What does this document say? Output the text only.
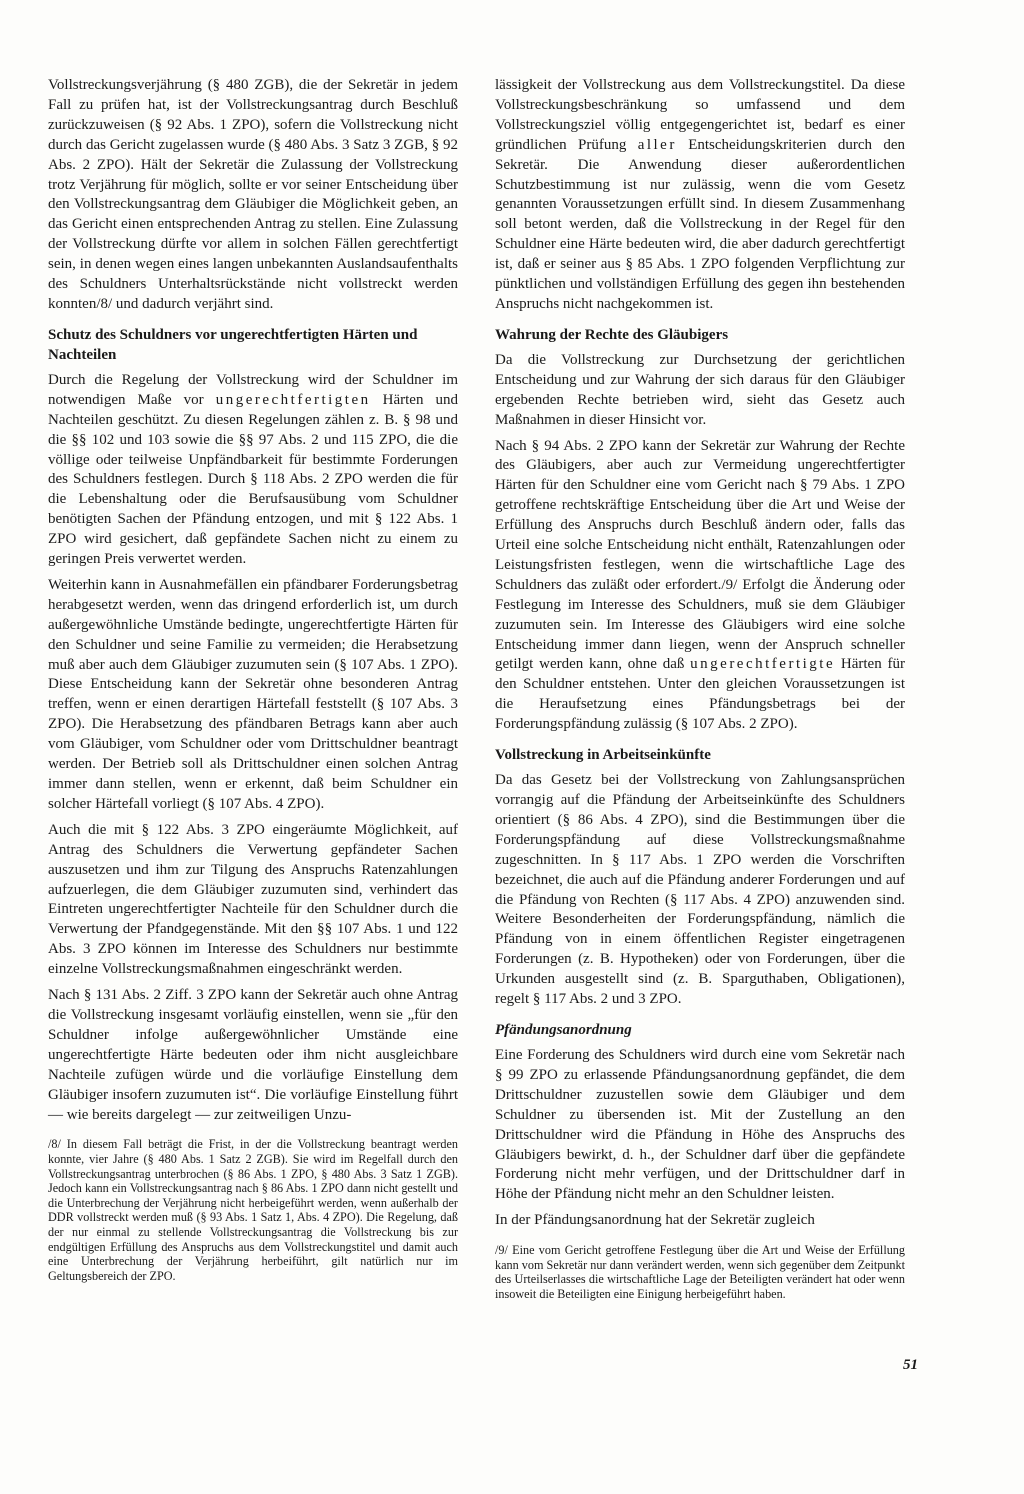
Vollstreckungsverjährung (§ 480 ZGB), die der Sekretär in jedem Fall zu prüfen hat, ist der Vollstreckungsantrag durch Beschluß zurückzuweisen (§ 92 Abs. 1 ZPO), sofern die Vollstreckung nicht durch das Gericht zugelassen wurde (§ 480 Abs. 3 Satz 3 ZGB, § 92 Abs. 2 ZPO). Hält der Sekretär die Zulassung der Vollstreckung trotz Verjährung für möglich, sollte er vor seiner Entscheidung über den Vollstreckungsantrag dem Gläubiger die Möglichkeit geben, an das Gericht einen entsprechenden Antrag zu stellen. Eine Zulassung der Vollstreckung dürfte vor allem in solchen Fällen gerechtfertigt sein, in denen wegen eines langen unbekannten Auslandsaufenthalts des Schuldners Unterhaltsrückstände nicht vollstreckt werden konnten/8/ und dadurch verjährt sind.

Schutz des Schuldners vor ungerechtfertigten Härten und Nachteilen

Durch die Regelung der Vollstreckung wird der Schuldner im notwendigen Maße vor ungerechtfertigten Härten und Nachteilen geschützt. Zu diesen Regelungen zählen z. B. § 98 und die §§ 102 und 103 sowie die §§ 97 Abs. 2 und 115 ZPO, die die völlige oder teilweise Unpfändbarkeit für bestimmte Forderungen des Schuldners festlegen. Durch § 118 Abs. 2 ZPO werden die für die Lebenshaltung oder die Berufsausübung vom Schuldner benötigten Sachen der Pfändung entzogen, und mit § 122 Abs. 1 ZPO wird gesichert, daß gepfändete Sachen nicht zu einem zu geringen Preis verwertet werden.

Weiterhin kann in Ausnahmefällen ein pfändbarer Forderungsbetrag herabgesetzt werden, wenn das dringend erforderlich ist, um durch außergewöhnliche Umstände bedingte, ungerechtfertigte Härten für den Schuldner und seine Familie zu vermeiden; die Herabsetzung muß aber auch dem Gläubiger zuzumuten sein (§ 107 Abs. 1 ZPO). Diese Entscheidung kann der Sekretär ohne besonderen Antrag treffen, wenn er einen derartigen Härtefall feststellt (§ 107 Abs. 3 ZPO). Die Herabsetzung des pfändbaren Betrags kann aber auch vom Gläubiger, vom Schuldner oder vom Drittschuldner beantragt werden. Der Betrieb soll als Drittschuldner einen solchen Antrag immer dann stellen, wenn er erkennt, daß beim Schuldner ein solcher Härtefall vorliegt (§ 107 Abs. 4 ZPO).

Auch die mit § 122 Abs. 3 ZPO eingeräumte Möglichkeit, auf Antrag des Schuldners die Verwertung gepfändeter Sachen auszusetzen und ihm zur Tilgung des Anspruchs Ratenzahlungen aufzuerlegen, die dem Gläubiger zuzumuten sind, verhindert das Eintreten ungerechtfertigter Nachteile für den Schuldner durch die Verwertung der Pfandgegenstände. Mit den §§ 107 Abs. 1 und 122 Abs. 3 ZPO können im Interesse des Schuldners nur bestimmte einzelne Vollstreckungsmaßnahmen eingeschränkt werden.

Nach § 131 Abs. 2 Ziff. 3 ZPO kann der Sekretär auch ohne Antrag die Vollstreckung insgesamt vorläufig einstellen, wenn sie „für den Schuldner infolge außergewöhnlicher Umstände eine ungerechtfertigte Härte bedeuten oder ihm nicht ausgleichbare Nachteile zufügen würde und die vorläufige Einstellung dem Gläubiger insofern zuzumuten ist“. Die vorläufige Einstellung führt — wie bereits dargelegt — zur zeitweiligen Unzu-

/8/ In diesem Fall beträgt die Frist, in der die Vollstreckung beantragt werden konnte, vier Jahre (§ 480 Abs. 1 Satz 2 ZGB). Sie wird im Regelfall durch den Vollstreckungsantrag unterbrochen (§ 86 Abs. 1 ZPO, § 480 Abs. 3 Satz 1 ZGB). Jedoch kann ein Vollstreckungsantrag nach § 86 Abs. 1 ZPO dann nicht gestellt und die Unterbrechung der Verjährung nicht herbeigeführt werden, wenn außerhalb der DDR vollstreckt werden muß (§ 93 Abs. 1 Satz 1, Abs. 4 ZPO). Die Regelung, daß der nur einmal zu stellende Vollstreckungsantrag die Vollstreckung bis zur endgültigen Erfüllung des Anspruchs aus dem Vollstreckungstitel und damit auch eine Unterbrechung der Verjährung herbeiführt, gilt natürlich nur im Geltungsbereich der ZPO.

lässigkeit der Vollstreckung aus dem Vollstreckungstitel. Da diese Vollstreckungsbeschränkung so umfassend und dem Vollstreckungsziel völlig entgegengerichtet ist, bedarf es einer gründlichen Prüfung aller Entscheidungskriterien durch den Sekretär. Die Anwendung dieser außerordentlichen Schutzbestimmung ist nur zulässig, wenn die vom Gesetz genannten Voraussetzungen erfüllt sind. In diesem Zusammenhang soll betont werden, daß die Vollstreckung in der Regel für den Schuldner eine Härte bedeuten wird, die aber dadurch gerechtfertigt ist, daß er seiner aus § 85 Abs. 1 ZPO folgenden Verpflichtung zur pünktlichen und vollständigen Erfüllung des gegen ihn bestehenden Anspruchs nicht nachgekommen ist.

Wahrung der Rechte des Gläubigers

Da die Vollstreckung zur Durchsetzung der gerichtlichen Entscheidung und zur Wahrung der sich daraus für den Gläubiger ergebenden Rechte betrieben wird, sieht das Gesetz auch Maßnahmen in dieser Hinsicht vor.

Nach § 94 Abs. 2 ZPO kann der Sekretär zur Wahrung der Rechte des Gläubigers, aber auch zur Vermeidung ungerechtfertigter Härten für den Schuldner eine vom Gericht nach § 79 Abs. 1 ZPO getroffene rechtskräftige Entscheidung über die Art und Weise der Erfüllung des Anspruchs durch Beschluß ändern oder, falls das Urteil eine solche Entscheidung nicht enthält, Ratenzahlungen oder Leistungsfristen festlegen, wenn die wirtschaftliche Lage des Schuldners das zuläßt oder erfordert./9/ Erfolgt die Änderung oder Festlegung im Interesse des Schuldners, muß sie dem Gläubiger zuzumuten sein. Im Interesse des Gläubigers wird eine solche Entscheidung immer dann liegen, wenn der Anspruch schneller getilgt werden kann, ohne daß ungerechtfertigte Härten für den Schuldner entstehen. Unter den gleichen Voraussetzungen ist die Heraufsetzung eines Pfändungsbetrags bei der Forderungspfändung zulässig (§ 107 Abs. 2 ZPO).

Vollstreckung in Arbeitseinkünfte

Da das Gesetz bei der Vollstreckung von Zahlungsansprüchen vorrangig auf die Pfändung der Arbeitseinkünfte des Schuldners orientiert (§ 86 Abs. 4 ZPO), sind die Bestimmungen über die Forderungspfändung auf diese Vollstreckungsmaßnahme zugeschnitten. In § 117 Abs. 1 ZPO werden die Vorschriften bezeichnet, die auch auf die Pfändung anderer Forderungen und auf die Pfändung von Rechten (§ 117 Abs. 4 ZPO) anzuwenden sind. Weitere Besonderheiten der Forderungspfändung, nämlich die Pfändung von in einem öffentlichen Register eingetragenen Forderungen (z. B. Hypotheken) oder von Forderungen, über die Urkunden ausgestellt sind (z. B. Sparguthaben, Obligationen), regelt § 117 Abs. 2 und 3 ZPO.

Pfändungsanordnung

Eine Forderung des Schuldners wird durch eine vom Sekretär nach § 99 ZPO zu erlassende Pfändungsanordnung gepfändet, die dem Drittschuldner zuzustellen sowie dem Gläubiger und dem Schuldner zu übersenden ist. Mit der Zustellung an den Drittschuldner wird die Pfändung in Höhe des Anspruchs des Gläubigers bewirkt, d. h., der Schuldner darf über die gepfändete Forderung nicht mehr verfügen, und der Drittschuldner darf in Höhe der Pfändung nicht mehr an den Schuldner leisten.

In der Pfändungsanordnung hat der Sekretär zugleich

/9/ Eine vom Gericht getroffene Festlegung über die Art und Weise der Erfüllung kann vom Sekretär nur dann verändert werden, wenn sich gegenüber dem Zeitpunkt des Urteilserlasses die wirtschaftliche Lage der Beteiligten verändert hat oder wenn insoweit die Beteiligten eine Einigung herbeigeführt haben.

51
